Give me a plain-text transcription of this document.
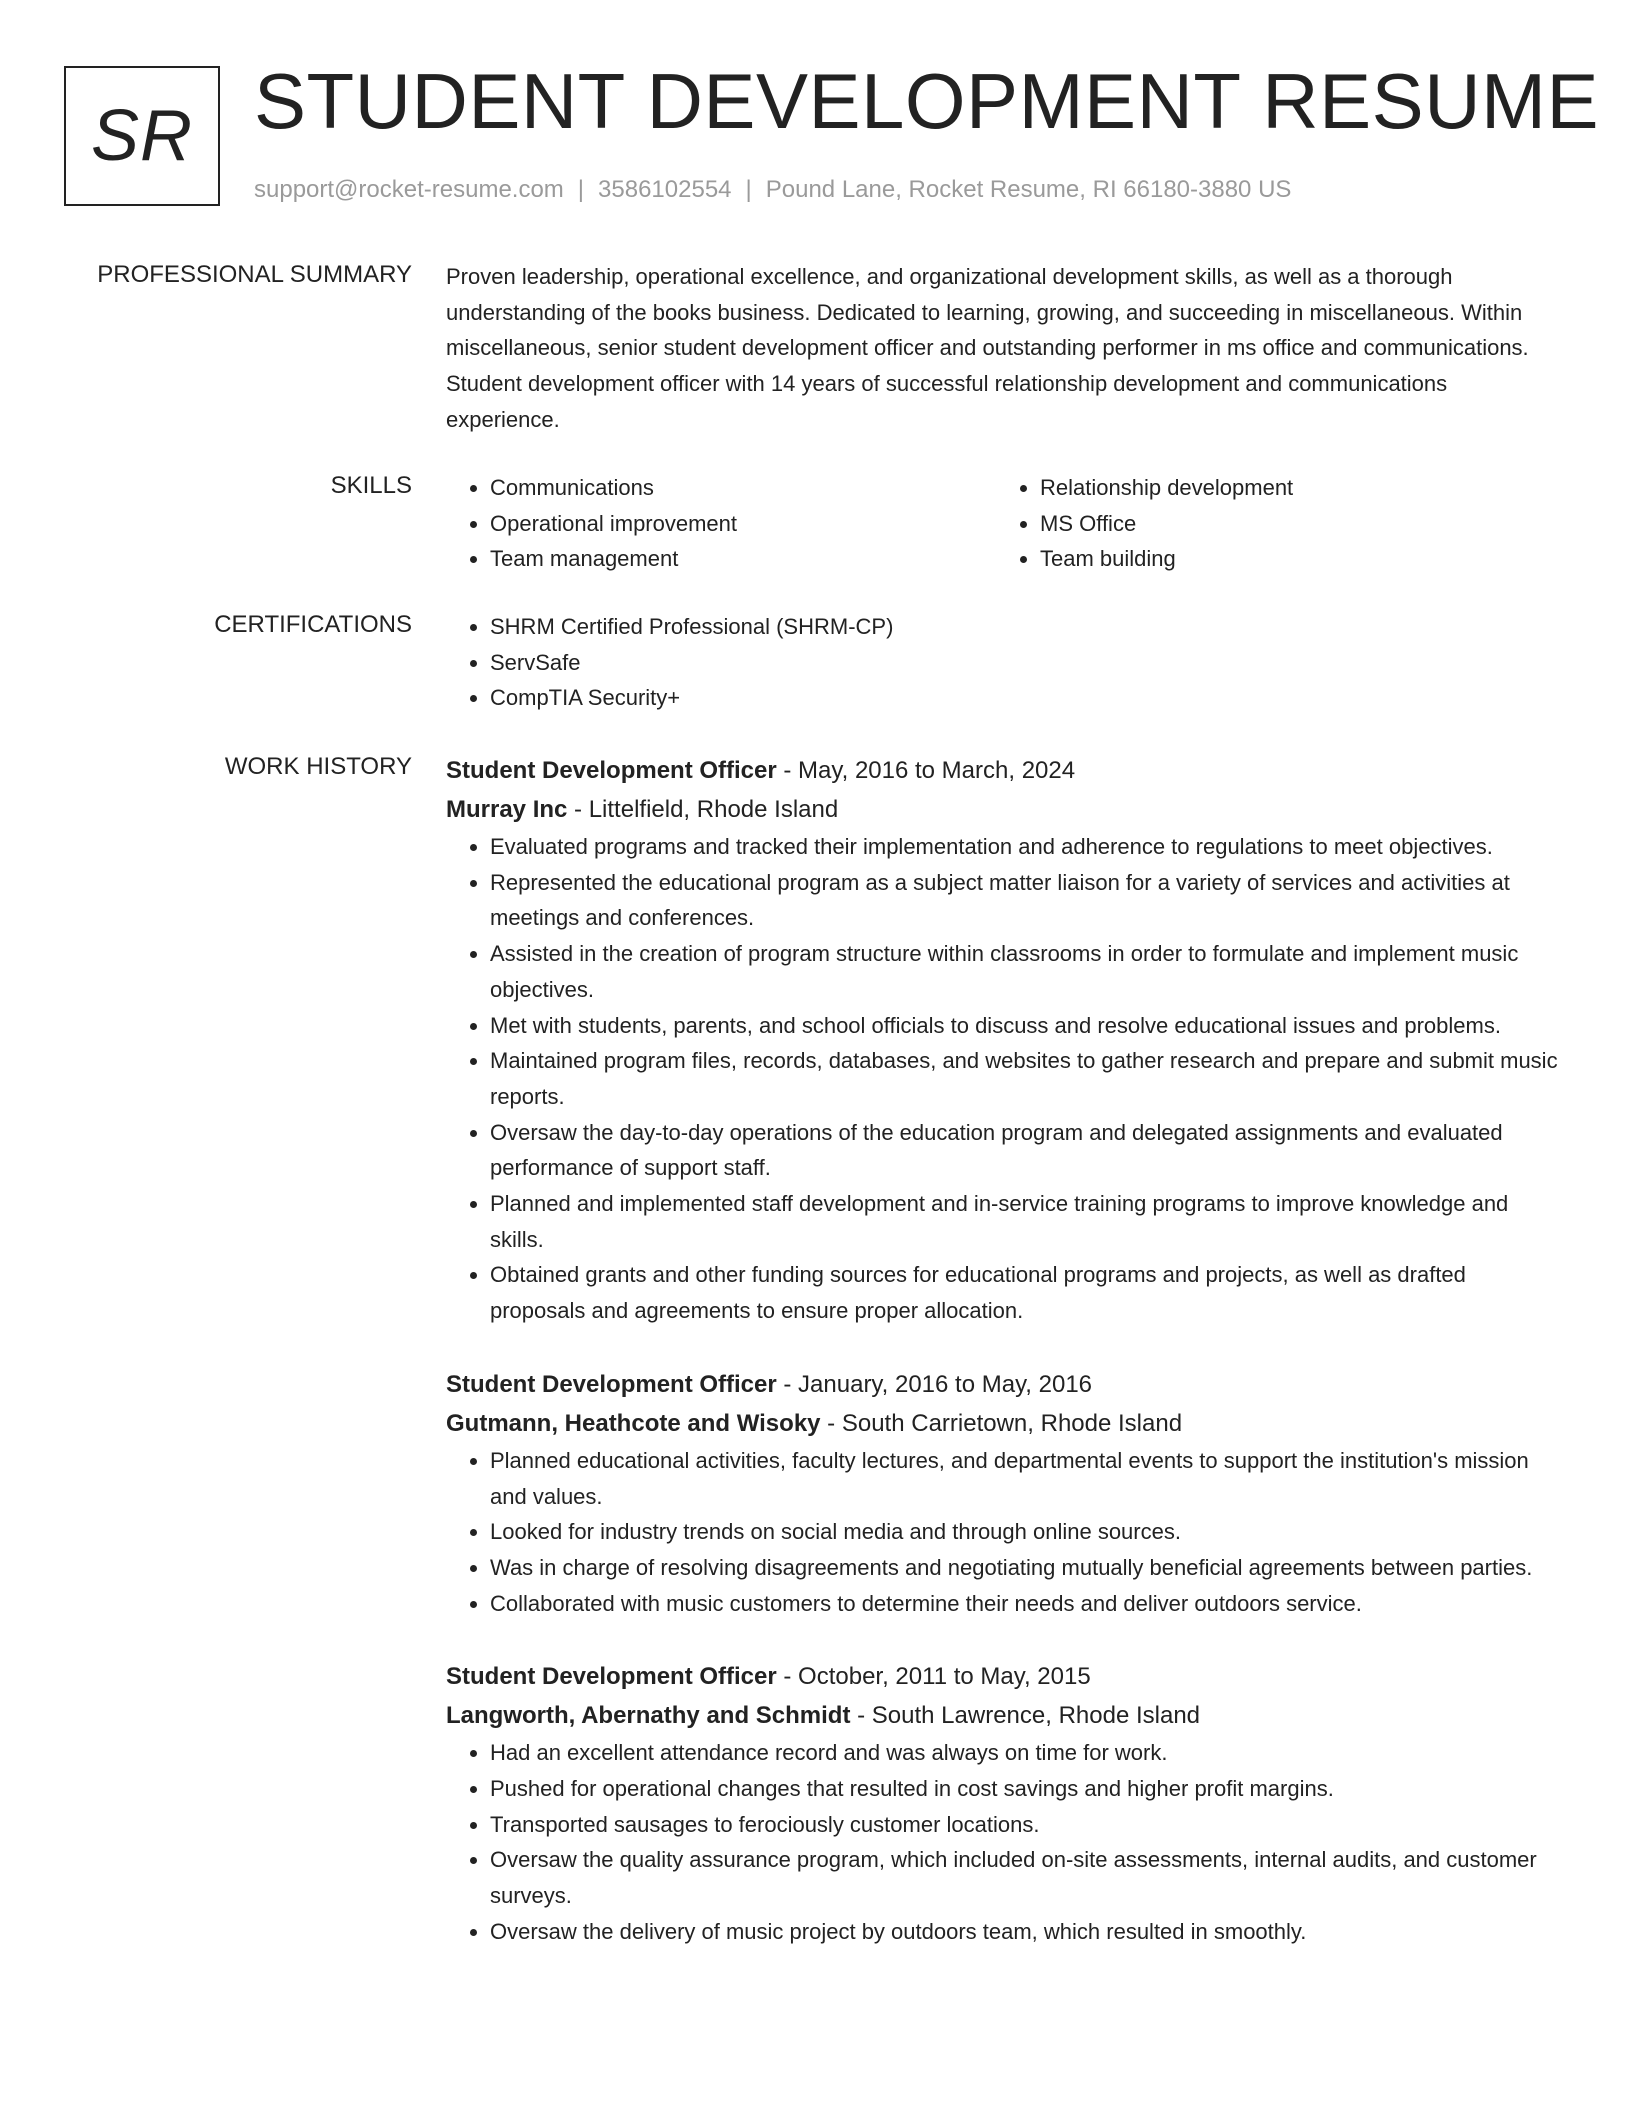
SR STUDENT DEVELOPMENT RESUME
support@rocket-resume.com | 3586102554 | Pound Lane, Rocket Resume, RI 66180-3880 US
PROFESSIONAL SUMMARY Proven leadership, operational excellence, and organizational development skills, as well as a thorough understanding of the books business. Dedicated to learning, growing, and succeeding in miscellaneous. Within miscellaneous, senior student development officer and outstanding performer in ms office and communications. Student development officer with 14 years of successful relationship development and communications experience.

SKILLS	• Communications
• Operational improvement
• Team management
• Relationship development
• MS Office
• Team building
CERTIFICATIONS	• SHRM Certified Professional (SHRM-CP)
• ServSafe
• CompTIA Security+
WORK HISTORY Student Development Officer - May, 2016 to March, 2024
Murray Inc - Littelfield, Rhode Island
• Evaluated programs and tracked their implementation and adherence to regulations to meet objectives.
• Represented the educational program as a subject matter liaison for a variety of services and activities at meetings and conferences.
• Assisted in the creation of program structure within classrooms in order to formulate and implement music objectives.
• Met with students, parents, and school officials to discuss and resolve educational issues and problems.
• Maintained program files, records, databases, and websites to gather research and prepare and submit music reports.
• Oversaw the day-to-day operations of the education program and delegated assignments and evaluated performance of support staff.
• Planned and implemented staff development and in-service training programs to improve knowledge and skills.
• Obtained grants and other funding sources for educational programs and projects, as well as drafted proposals and agreements to ensure proper allocation.
Student Development Officer - January, 2016 to May, 2016
Gutmann, Heathcote and Wisoky - South Carrietown, Rhode Island
• Planned educational activities, faculty lectures, and departmental events to support the institution's mission and values.
• Looked for industry trends on social media and through online sources.
• Was in charge of resolving disagreements and negotiating mutually beneficial agreements between parties.
• Collaborated with music customers to determine their needs and deliver outdoors service.
Student Development Officer - October, 2011 to May, 2015
Langworth, Abernathy and Schmidt - South Lawrence, Rhode Island
• Had an excellent attendance record and was always on time for work.
• Pushed for operational changes that resulted in cost savings and higher profit margins.
• Transported sausages to ferociously customer locations.
• Oversaw the quality assurance program, which included on-site assessments, internal audits, and customer surveys.
• Oversaw the delivery of music project by outdoors team, which resulted in smoothly.
